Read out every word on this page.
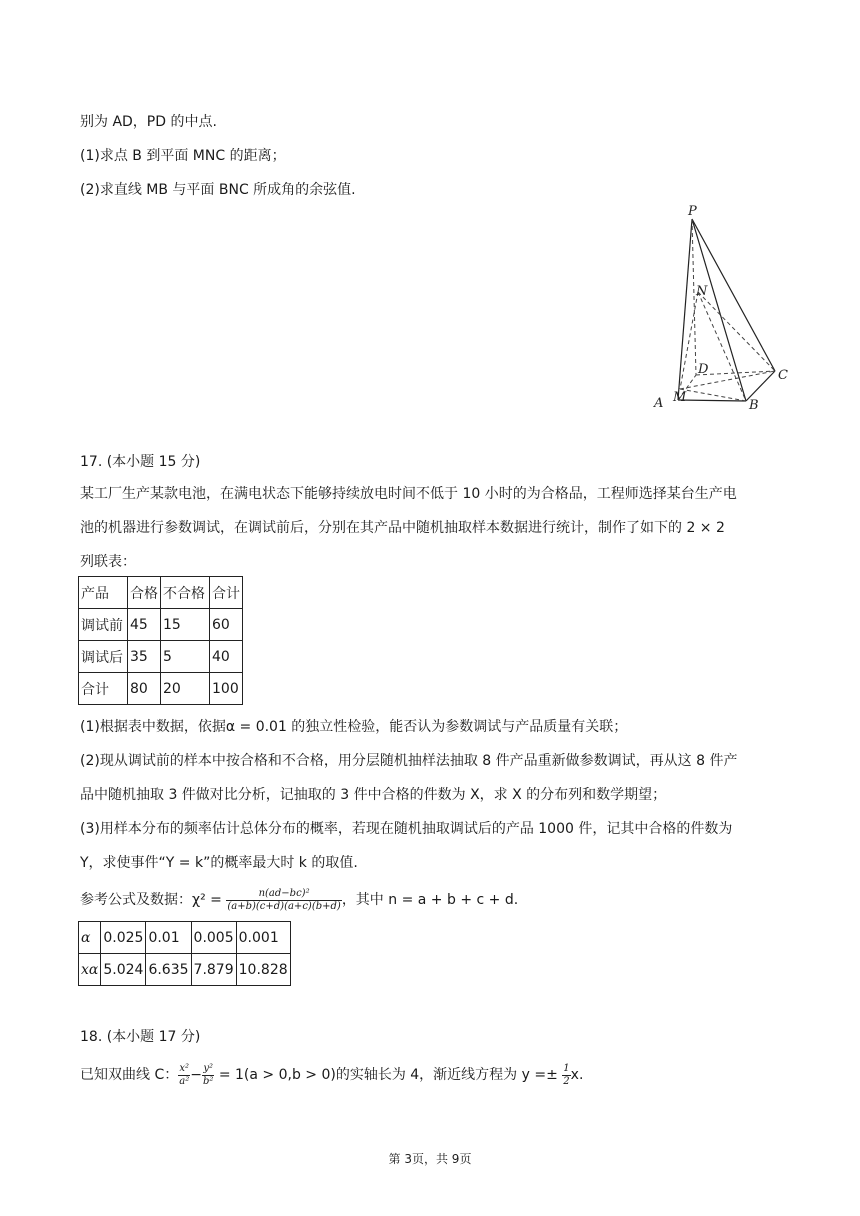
别为 AD，PD 的中点.
(1)求点 B 到平面 MNC 的距离；
(2)求直线 MB 与平面 BNC 所成角的余弦值.
P
N
D	C
A M
B
17. (本小题 15 分)
某工厂生产某款电池，在满电状态下能够持续放电时间不低于 10 小时的为合格品，工程师选择某台生产电
池的机器进行参数调试，在调试前后，分别在其产品中随机抽取样本数据进行统计，制作了如下的 2 × 2
列联表：
产品	合格	不合格	合计
调试前	45	15	60
调试后	35	5	40
合计	80	20	100
(1)根据表中数据，依据α = 0.01 的独立性检验，能否认为参数调试与产品质量有关联；
(2)现从调试前的样本中按合格和不合格，用分层随机抽样法抽取 8 件产品重新做参数调试，再从这 8 件产
品中随机抽取 3 件做对比分析，记抽取的 3 件中合格的件数为 X，求 X 的分布列和数学期望；
(3)用样本分布的频率估计总体分布的概率，若现在随机抽取调试后的产品 1000 件，记其中合格的件数为
Y，求使事件“Y = k”的概率最大时 k 的取值.
参考公式及数据：$\chi^2 = \frac{\text{n(ad−bc)²}}{(a+b)(c+d)(a+c)(b+d)}$ ，其中 n = a + b + c + d.
α	0.025	0.01	0.005	0.001
xα	5.024	6.635	7.879	10.828
18. (本小题 17 分)
已知双曲线 C： $\frac{\text{x²}}{\text{a²}} - \frac{\text{y²}}{\text{b²}} = 1(a > 0,b > 0)$的实轴长为 4，渐近线方程为 $y =\pm \frac{1}{2} x$.
第 3页，共 9页
